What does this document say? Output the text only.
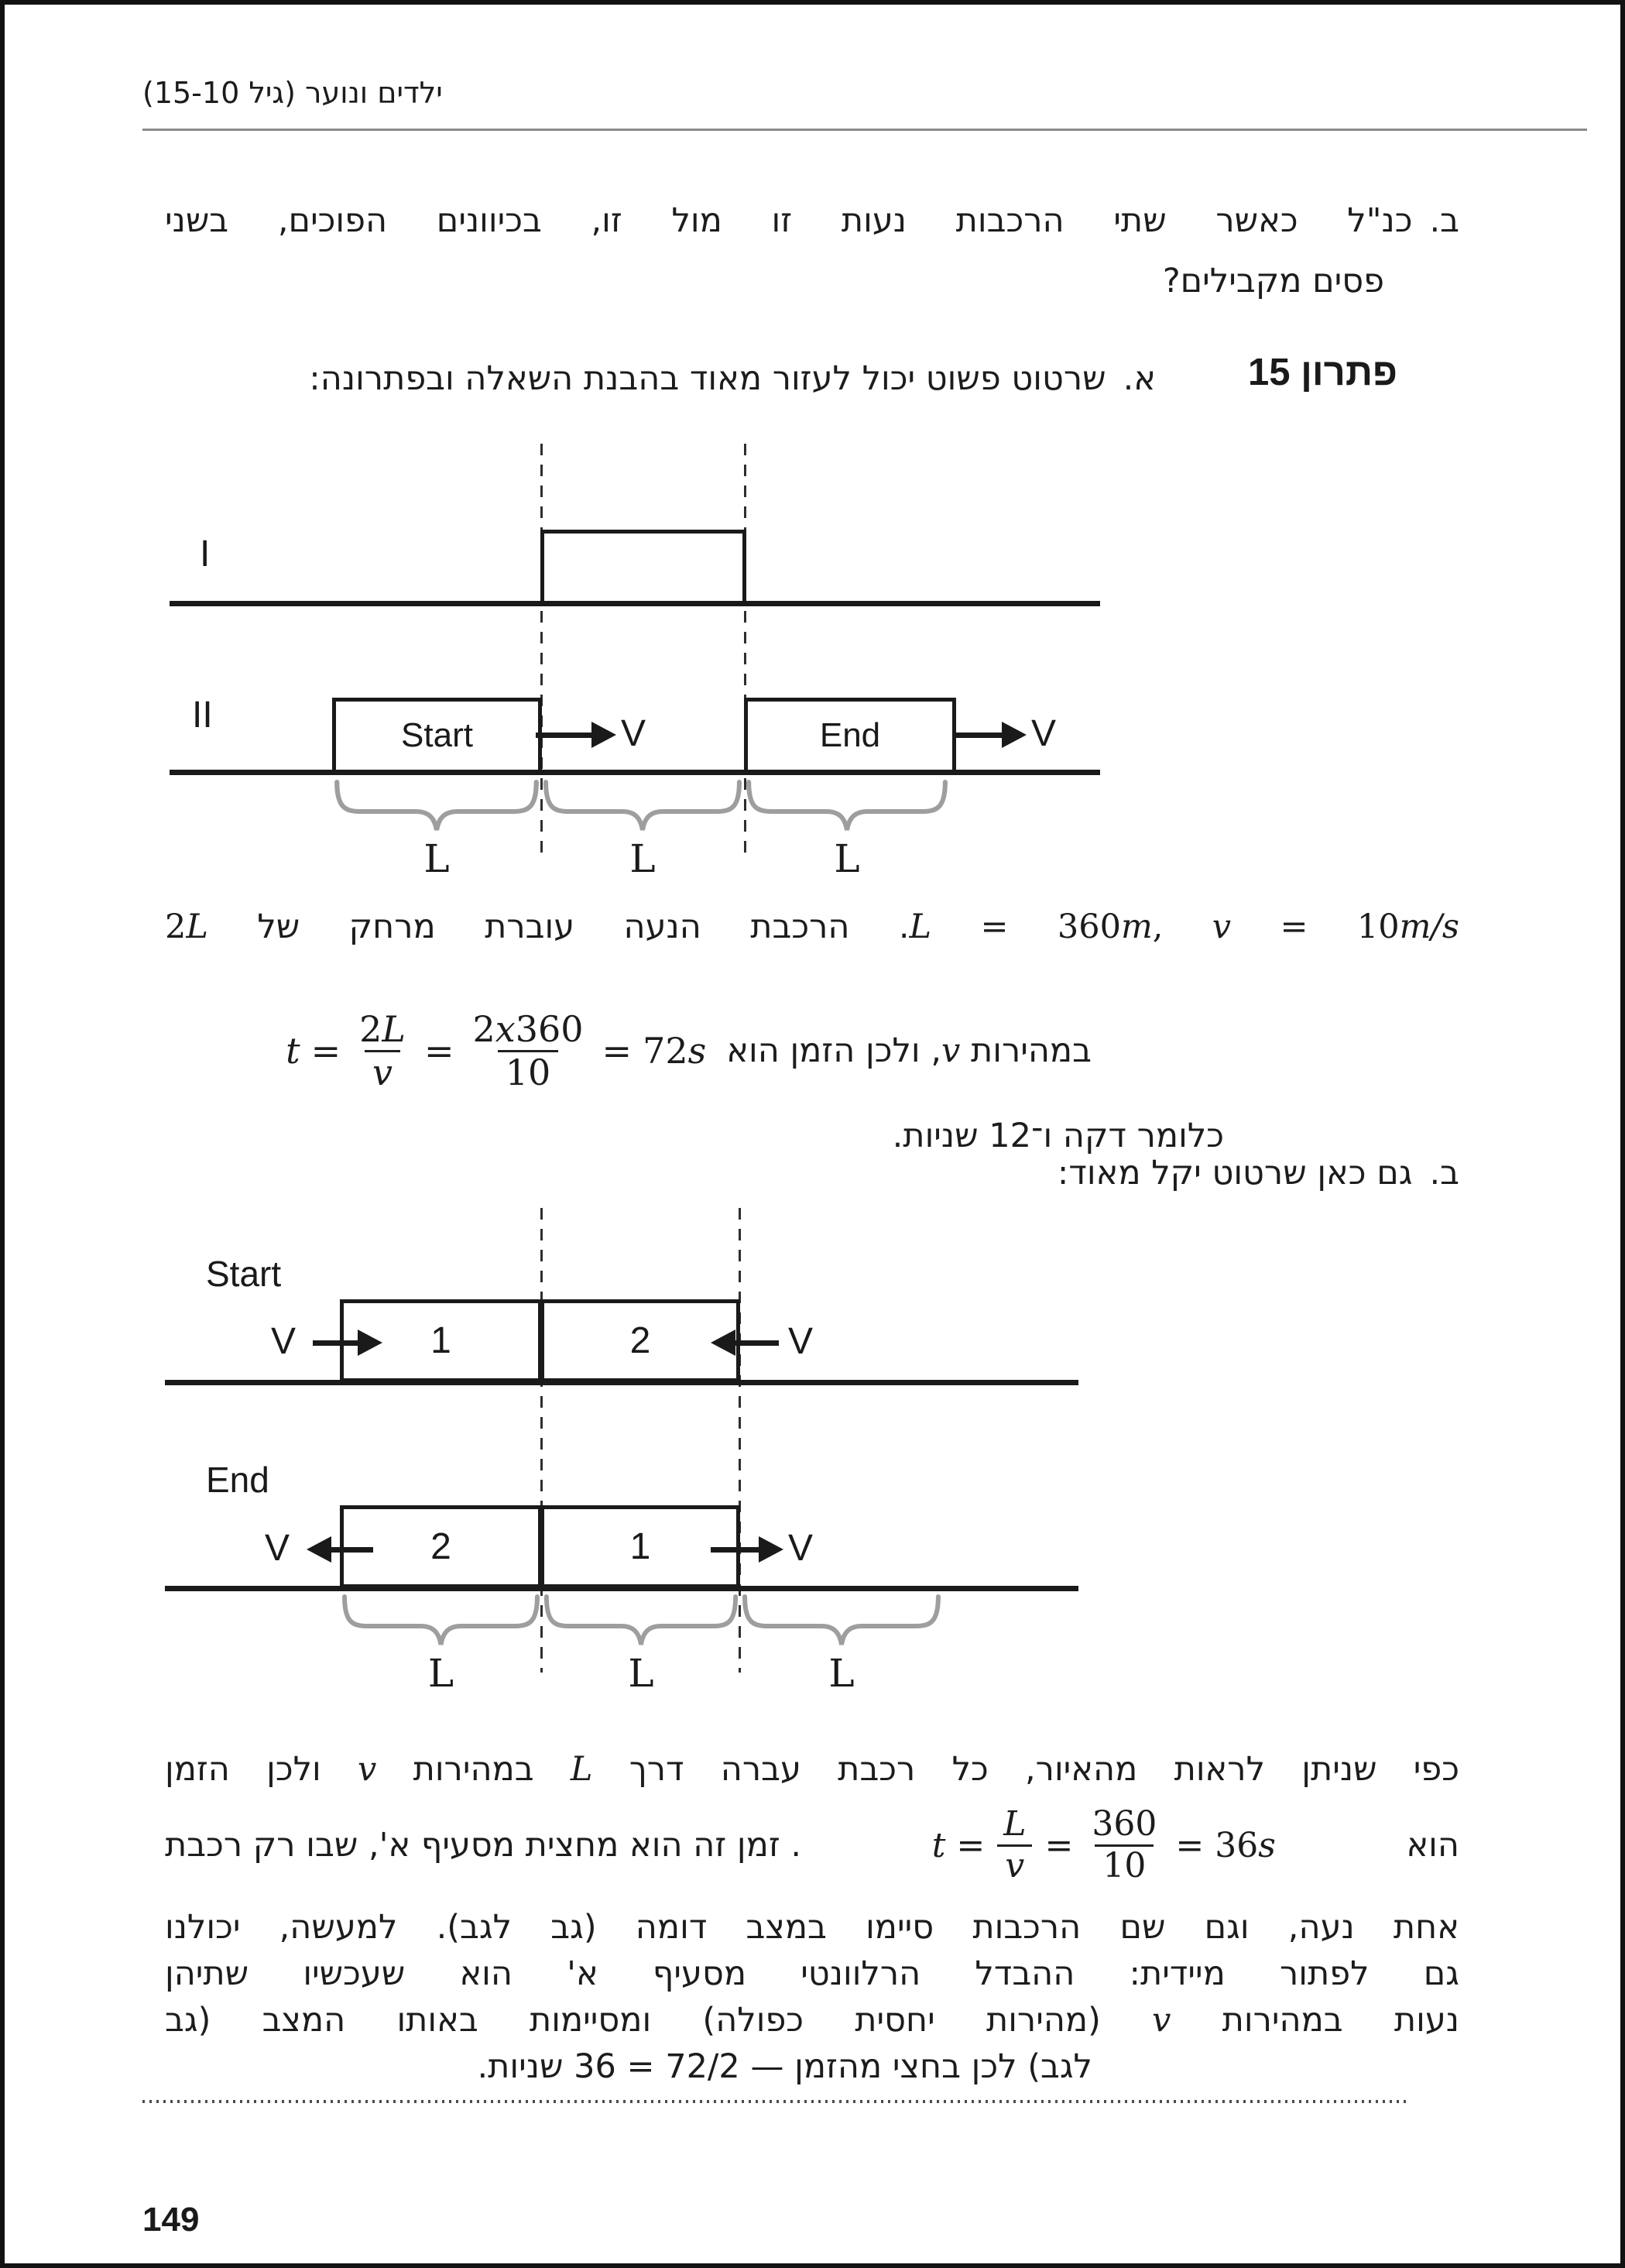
ילדים ונוער (גיל 15-10)
ב.כנ"ל כאשר שתי הרכבות נעות זו מול זו, בכיוונים הפוכים, בשני
פסים מקבילים?
פתרון 15
א.שרטוט פשוט יכול לעזור מאוד בהבנת השאלה ובפתרונה:
I
II	Start	V	End	V
L	L	L
L = 360m, v = 10m/s. הרכבת הנעה עוברת מרחק של 2L
במהירות v, ולכן הזמן הוא
$t = \frac{2L}{v} = \frac{2x360}{10} = 72s$
כלומר דקה ו־12 שניות.
ב.גם כאן שרטוט יקל מאוד:
Start
1	2
V	V
End
2	1
V	V
L	L	L
כפי שניתן לראות מהאיור, כל רכבת עברה דרך L במהירות v ולכן הזמן
הוא
$t = \frac{L}{v} = \frac{360}{10} = 36s$
. זמן זה הוא מחצית מסעיף א', שבו רק רכבת
אחת נעה, וגם שם הרכבות סיימו במצב דומה (גב לגב). למעשה, יכולנו
גם לפתור מיידית: ההבדל הרלוונטי מסעיף א' הוא שעכשיו שתיהן
נעות במהירות v (מהירות יחסית כפולה) ומסיימות באותו המצב (גב
לגב) לכן בחצי מהזמן — 72/2 = 36 שניות.
149
